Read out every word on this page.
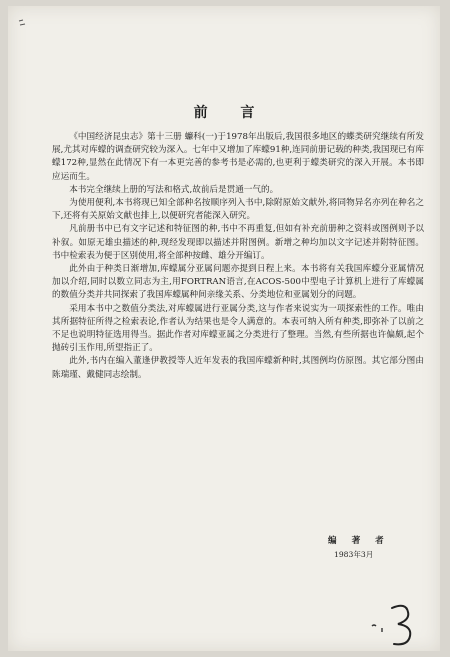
前 言

《中国经济昆虫志》第十三册 蠊科(一)于1978年出版后,我国很多地区的蝶类研究继续有所发展,尤其对库蠓的调查研究较为深入。七年中又增加了库蠓91种,连同前册记载的种类,我国现已有库蠓172种,显然在此情况下有一本更完善的参考书是必需的,也更利于蠓类研究的深入开展。本书即应运而生。

本书完全继续上册的写法和格式,故前后是贯通一气的。

为使用便利,本书将现已知全部种名按顺序列入书中,除附原始文献外,将同物异名亦列在种名之下,还将有关原始文献也排上,以便研究者能深入研究。

凡前册书中已有文字记述和特征图的种,书中不再重复,但如有补充前册种之资料或图例则予以补叙。如原无雄虫描述的种,现经发现即以描述并附图例。新增之种均加以文字记述并附特征图。书中检索表为便于区别使用,将全部种按雌、雄分开编订。

此外由于种类日渐增加,库蠓属分亚属问题亦提到日程上来。本书将有关我国库蠓分亚属情况加以介绍,同时以数立同志为主,用FORTRAN语言,在ACOS-500中型电子计算机上进行了库蠓属的数值分类并共同探索了我国库蠓属种间亲缘关系、分类地位和亚属划分的问题。

采用本书中之数值分类法,对库蠓属进行亚属分类,这与作者来说实为一项探索性的工作。唯由其所据特征所得之检索表论,作者认为结果也是令人满意的。本表可纳入所有种类,即弥补了以前之不足也说明特征选用得当。据此作者对库蠓亚属之分类进行了整理。当然,有些所据也许偏颇,起个抛砖引玉作用,所望指正了。

此外,书内在编入董逢伊教授等人近年发表的我国库蠓新种时,其图例均仿原图。其它部分图由陈瑞瑾、戴健同志绘制。

编 著 者
1983年3月
